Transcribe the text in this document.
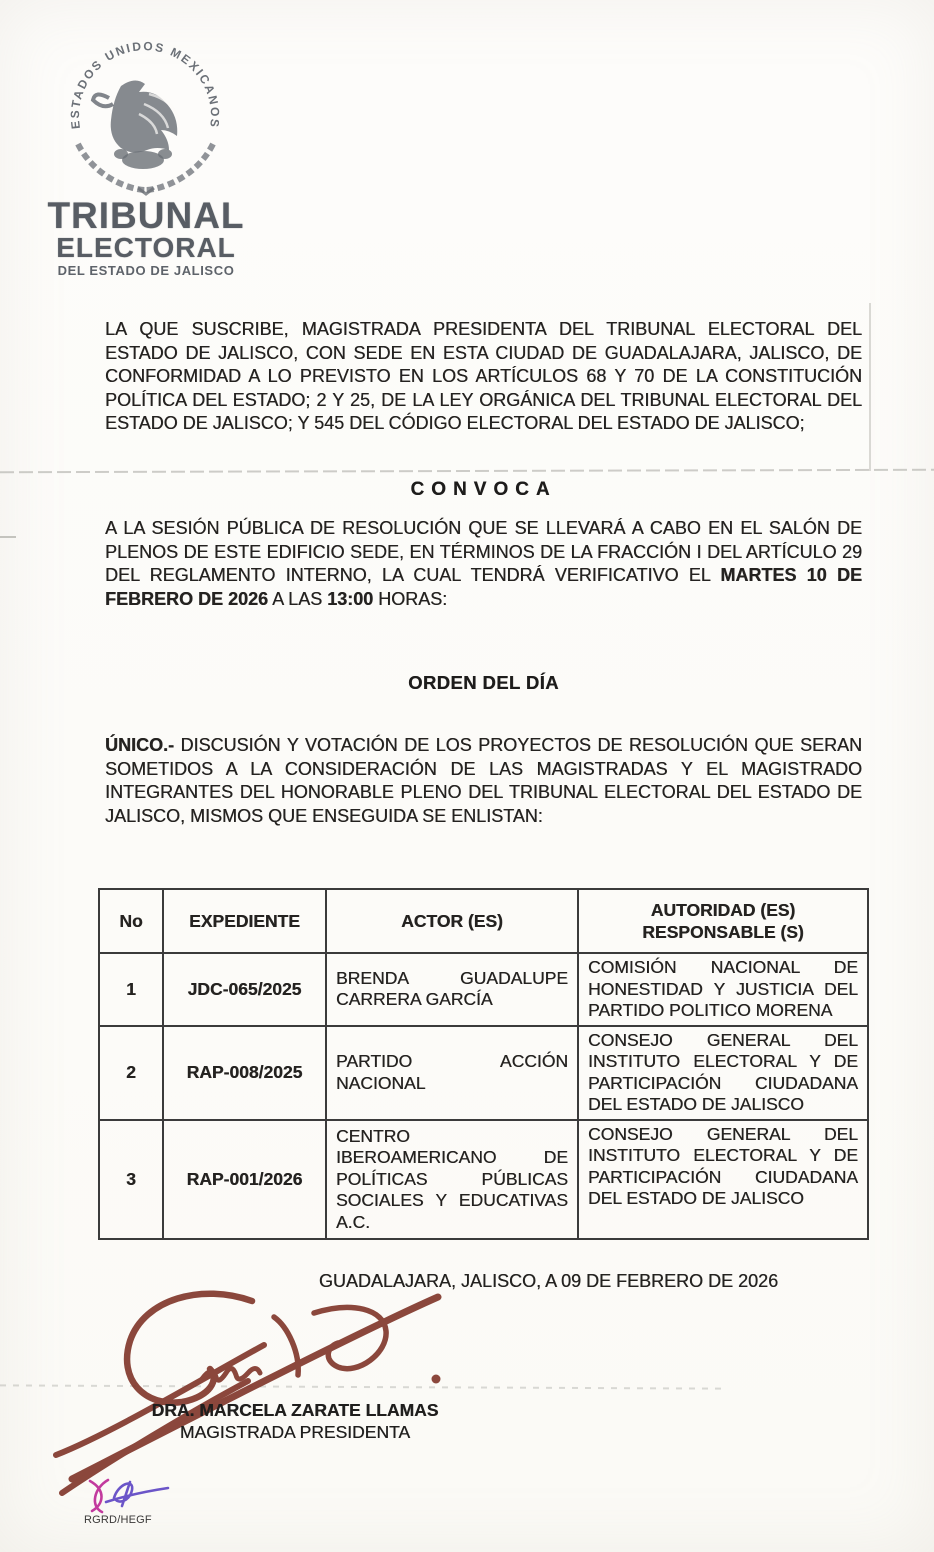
ESTADOS UNIDOS MEXICANOS
TRIBUNAL
ELECTORAL
DEL ESTADO DE JALISCO
LA QUE SUSCRIBE, MAGISTRADA PRESIDENTA DEL TRIBUNAL ELECTORAL DEL ESTADO DE JALISCO, CON SEDE EN ESTA CIUDAD DE GUADALAJARA, JALISCO, DE CONFORMIDAD A LO PREVISTO EN LOS ARTÍCULOS 68 Y 70 DE LA CONSTITUCIÓN POLÍTICA DEL ESTADO; 2 Y 25, DE LA LEY ORGÁNICA DEL TRIBUNAL ELECTORAL DEL ESTADO DE JALISCO; Y 545 DEL CÓDIGO ELECTORAL DEL ESTADO DE JALISCO;
CONVOCA
A LA SESIÓN PÚBLICA DE RESOLUCIÓN QUE SE LLEVARÁ A CABO EN EL SALÓN DE PLENOS DE ESTE EDIFICIO SEDE, EN TÉRMINOS DE LA FRACCIÓN I DEL ARTÍCULO 29 DEL REGLAMENTO INTERNO, LA CUAL TENDRÁ VERIFICATIVO EL MARTES 10 DE FEBRERO DE 2026 A LAS 13:00 HORAS:
ORDEN DEL DÍA
ÚNICO.- DISCUSIÓN Y VOTACIÓN DE LOS PROYECTOS DE RESOLUCIÓN QUE SERAN SOMETIDOS A LA CONSIDERACIÓN DE LAS MAGISTRADAS Y EL MAGISTRADO INTEGRANTES DEL HONORABLE PLENO DEL TRIBUNAL ELECTORAL DEL ESTADO DE JALISCO, MISMOS QUE ENSEGUIDA SE ENLISTAN:
No	EXPEDIENTE	ACTOR (ES)	AUTORIDAD (ES) RESPONSABLE (S)
1	JDC-065/2025	BRENDA GUADALUPE CARRERA GARCÍA	COMISIÓN NACIONAL DE HONESTIDAD Y JUSTICIA DEL PARTIDO POLITICO MORENA
2	RAP-008/2025	PARTIDO ACCIÓN NACIONAL	CONSEJO GENERAL DEL INSTITUTO ELECTORAL Y DE PARTICIPACIÓN CIUDADANA DEL ESTADO DE JALISCO
3	RAP-001/2026	CENTRO IBEROAMERICANO DE POLÍTICAS PÚBLICAS SOCIALES Y EDUCATIVAS A.C.	CONSEJO GENERAL DEL INSTITUTO ELECTORAL Y DE PARTICIPACIÓN CIUDADANA DEL ESTADO DE JALISCO
GUADALAJARA, JALISCO, A 09 DE FEBRERO DE 2026
DRA. MARCELA ZARATE LLAMAS
MAGISTRADA PRESIDENTA
RGRD/HEGF
